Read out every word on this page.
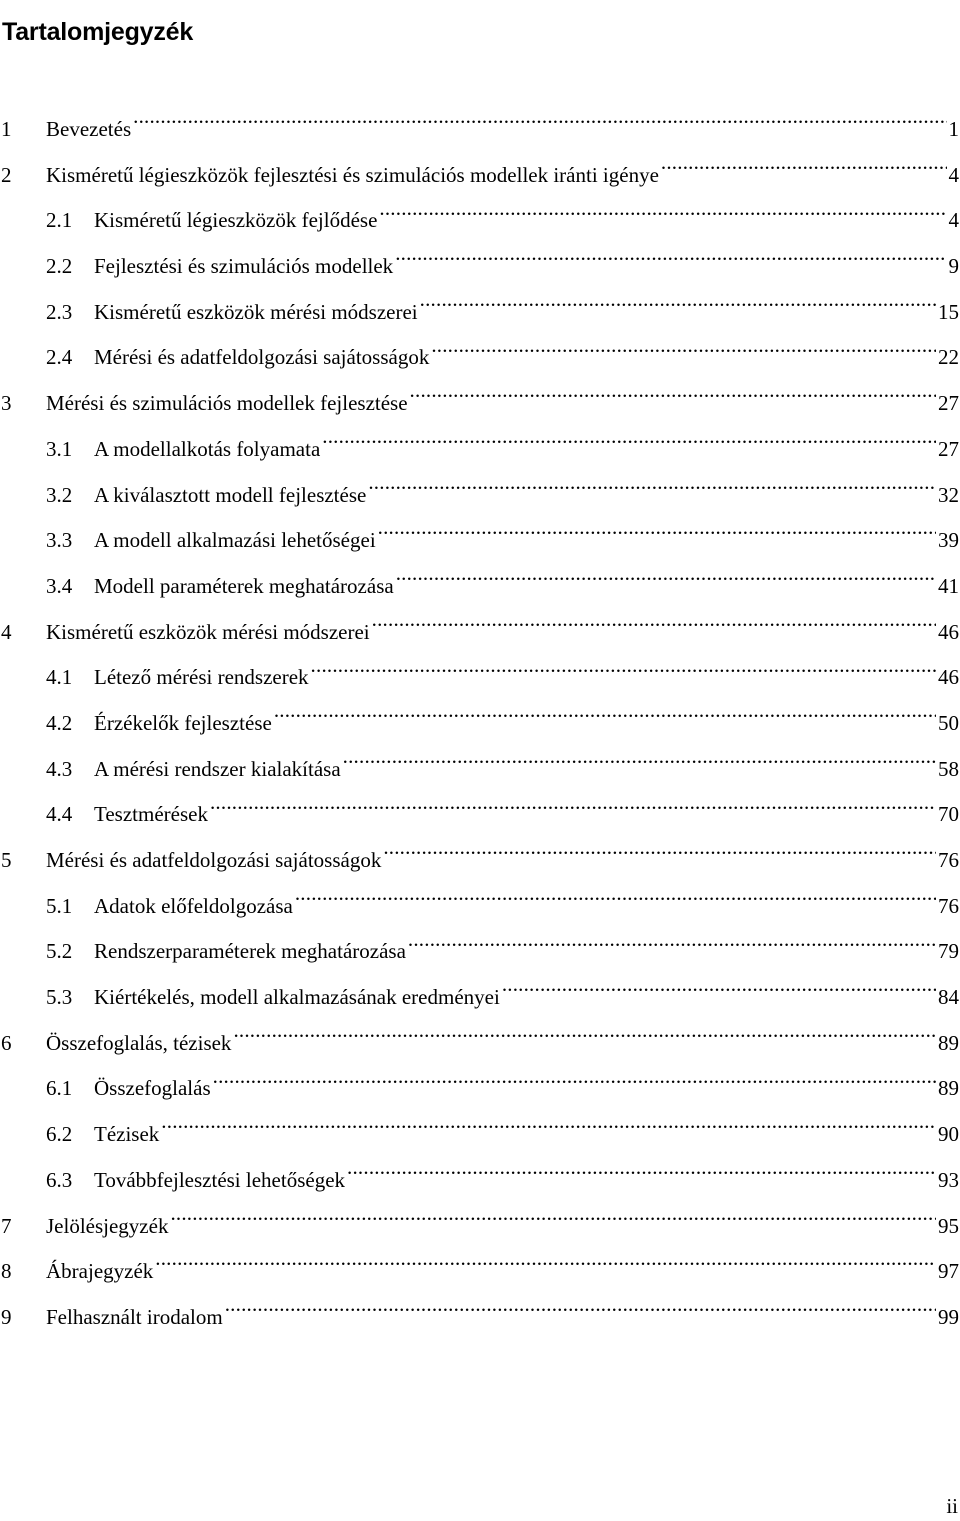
Tartalomjegyzék
1	Bevezetés .....	1
2	Kisméretű légieszközök fejlesztési és szimulációs modellek iránti igénye .....	4
2.1	Kisméretű légieszközök fejlődése .....	4
2.2	Fejlesztési és szimulációs modellek .....	9
2.3	Kisméretű eszközök mérési módszerei .....	15
2.4	Mérési és adatfeldolgozási sajátosságok .....	22
3	Mérési és szimulációs modellek fejlesztése .....	27
3.1	A modellalkotás folyamata .....	27
3.2	A kiválasztott modell fejlesztése .....	32
3.3	A modell alkalmazási lehetőségei .....	39
3.4	Modell paraméterek meghatározása .....	41
4	Kisméretű eszközök mérési módszerei .....	46
4.1	Létező mérési rendszerek .....	46
4.2	Érzékelők fejlesztése .....	50
4.3	A mérési rendszer kialakítása .....	58
4.4	Tesztmérések .....	70
5	Mérési és adatfeldolgozási sajátosságok .....	76
5.1	Adatok előfeldolgozása .....	76
5.2	Rendszerparaméterek meghatározása .....	79
5.3	Kiértékelés, modell alkalmazásának eredményei .....	84
6	Összefoglalás, tézisek .....	89
6.1	Összefoglalás .....	89
6.2	Tézisek .....	90
6.3	Továbbfejlesztési lehetőségek .....	93
7	Jelölésjegyzék .....	95
8	Ábrajegyzék .....	97
9	Felhasznált irodalom .....	99
ii
